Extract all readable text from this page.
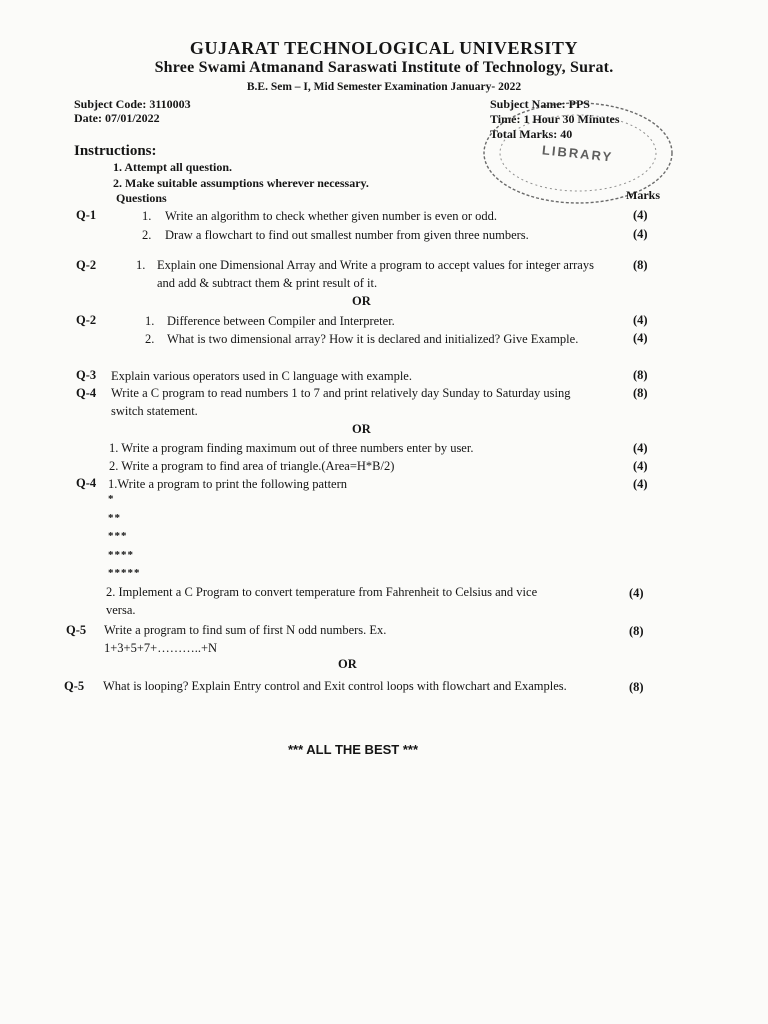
GUJARAT TECHNOLOGICAL UNIVERSITY
Shree Swami Atmanand Saraswati Institute of Technology, Surat.
B.E. Sem – I, Mid Semester Examination January- 2022
Subject Code: 3110003
Date: 07/01/2022
Subject Name: PPS
Time: 1 Hour 30 Minutes
Total Marks: 40
LIBRARY
Marks
Instructions:
1. Attempt all question.
2. Make suitable assumptions wherever necessary.
Questions
Q-1	1. Write an algorithm to check whether given number is even or odd.	(4)
2. Draw a flowchart to find out smallest number from given three numbers.	(4)
Q-2	1. Explain one Dimensional Array and Write a program to accept values for integer arrays and add & subtract them & print result of it.
(8)
OR
Q-2	1. Difference between Compiler and Interpreter.	(4)
2. What is two dimensional array? How it is declared and initialized? Give Example.	(4)
Q-3 Explain various operators used in C language with example.	(8)
Q-4 Write a C program to read numbers 1 to 7 and print relatively day Sunday to Saturday using switch statement.
(8)
OR
1. Write a program finding maximum out of three numbers enter by user.	(4)
2. Write a program to find area of triangle.(Area=H*B/2)	(4)
Q-4 1.Write a program to print the following pattern	(4)
*
**
***
****
*****
2. Implement a C Program to convert temperature from Fahrenheit to Celsius and vice versa.
(4)
Q-5 Write a program to find sum of first N odd numbers. Ex.
1+3+5+7+………..+N
(8)
OR
Q-5 What is looping? Explain Entry control and Exit control loops with flowchart and Examples.	(8)
*** ALL THE BEST ***
